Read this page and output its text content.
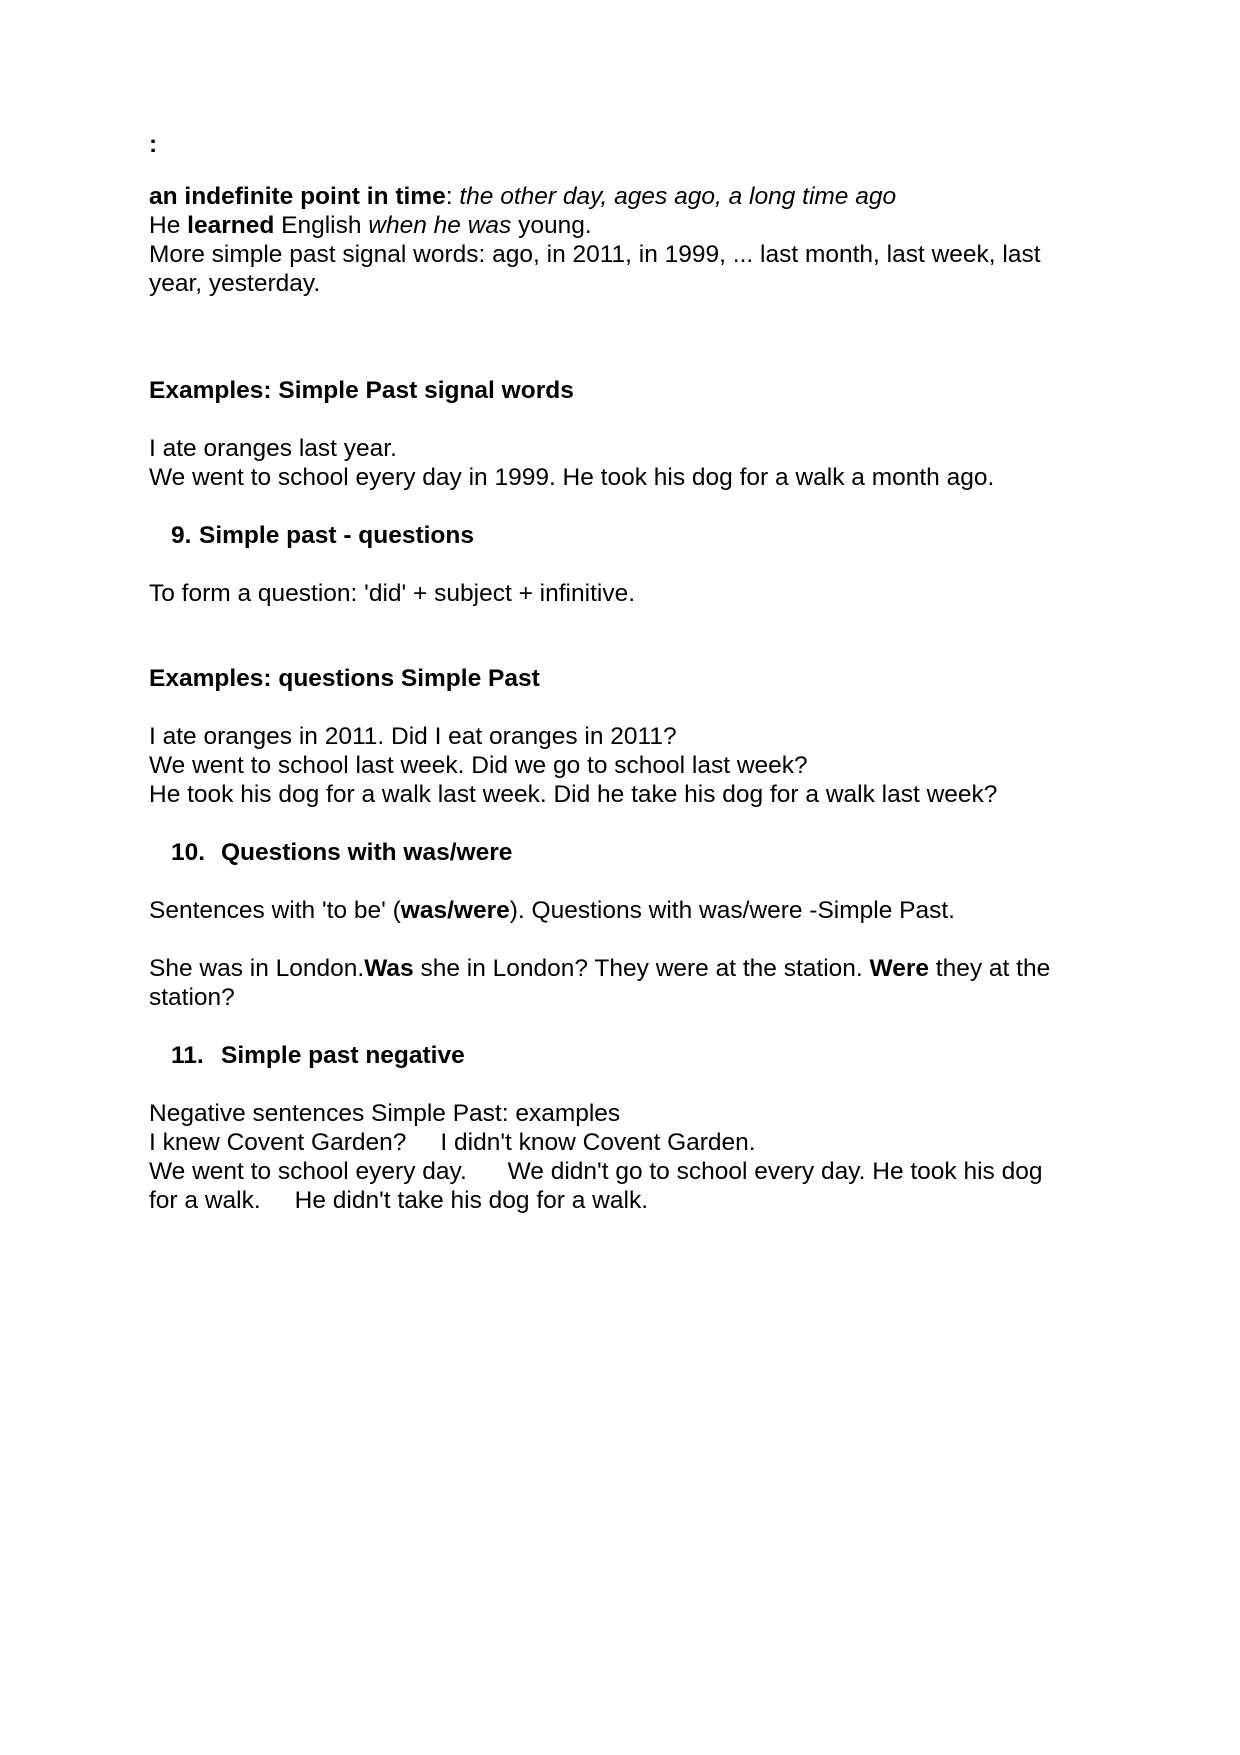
:
an indefinite point in time: the other day, ages ago, a long time ago
He learned English when he was young.
More simple past signal words: ago, in 2011, in 1999, ... last month, last week, last
year, yesterday.
Examples: Simple Past signal words
I ate oranges last year.
We went to school eyery day in 1999. He took his dog for a walk a month ago.
9. Simple past - questions
To form a question: 'did' + subject + infinitive.
Examples: questions Simple Past
I ate oranges in 2011. Did I eat oranges in 2011?
We went to school last week. Did we go to school last week?
He took his dog for a walk last week. Did he take his dog for a walk last week?
10. Questions with was/were
Sentences with 'to be' (was/were). Questions with was/were -Simple Past.
She was in London.Was she in London? They were at the station. Were they at the
station?
11. Simple past negative
Negative sentences Simple Past: examples
I knew Covent Garden?     I didn't know Covent Garden.
We went to school eyery day.      We didn't go to school every day. He took his dog
for a walk.     He didn't take his dog for a walk.
